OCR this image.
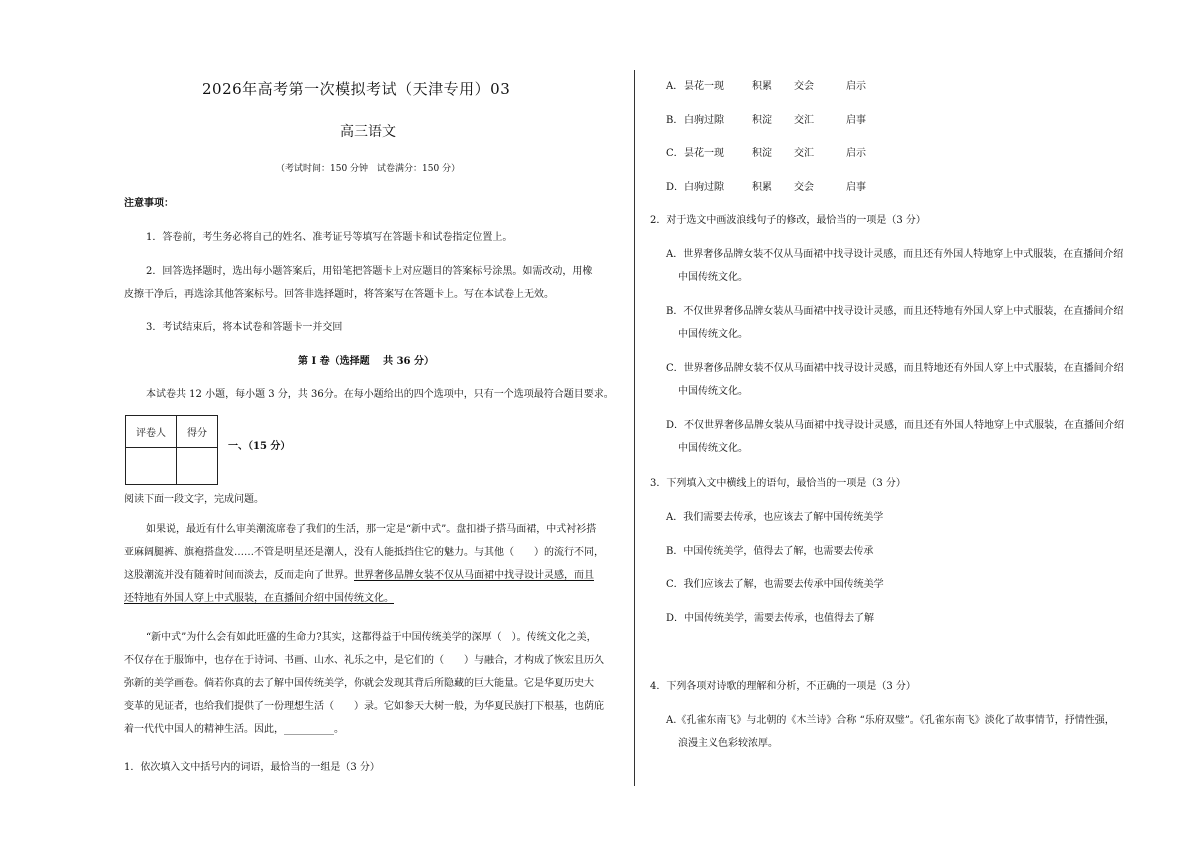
2026年高考第一次模拟考试（天津专用）03
高三语文
（考试时间：150 分钟　试卷满分：150 分）
注意事项：
1．答卷前，考生务必将自己的姓名、准考证号等填写在答题卡和试卷指定位置上。
2．回答选择题时，选出每小题答案后，用铅笔把答题卡上对应题目的答案标号涂黑。如需改动，用橡
皮擦干净后，再选涂其他答案标号。回答非选择题时，将答案写在答题卡上。写在本试卷上无效。
3．考试结束后，将本试卷和答题卡一并交回
第 I 卷（选择题　 共 36 分）
本试卷共 12 小题，每小题 3 分，共 36分。在每小题给出的四个选项中，只有一个选项最符合题目要求。
评卷人	得分

一、（15 分）
阅读下面一段文字，完成问题。
如果说，最近有什么审美潮流席卷了我们的生活，那一定是“新中式”。盘扣褂子搭马面裙，中式衬衫搭
亚麻阔腿裤、旗袍搭盘发……不管是明星还是潮人，没有人能抵挡住它的魅力。与其他（　　）的流行不同，
这股潮流并没有随着时间而淡去，反而走向了世界。世界奢侈品牌女装不仅从马面裙中找寻设计灵感，而且
还特地有外国人穿上中式服装，在直播间介绍中国传统文化。
“新中式”为什么会有如此旺盛的生命力?其实，这都得益于中国传统美学的深厚（　）。传统文化之美，
不仅存在于服饰中，也存在于诗词、书画、山水、礼乐之中，是它们的（　　）与融合，才构成了恢宏且历久
弥新的美学画卷。倘若你真的去了解中国传统美学，你就会发现其背后所隐藏的巨大能量。它是华夏历史大
变革的见证者，也给我们提供了一份理想生活（　　）录。它如参天大树一般，为华夏民族打下根基，也荫庇
着一代代中国人的精神生活。因此，__________。
1．依次填入文中括号内的词语，最恰当的一组是（3 分）
A．昙花一现	积累 交会	启示
B．白驹过隙	积淀 交汇	启事
C．昙花一现	积淀 交汇	启示
D．白驹过隙	积累 交会	启事
2．对于选文中画波浪线句子的修改，最恰当的一项是（3 分）
A．世界奢侈品牌女装不仅从马面裙中找寻设计灵感，而且还有外国人特地穿上中式服装，在直播间介绍
中国传统文化。
B．不仅世界奢侈品牌女装从马面裙中找寻设计灵感，而且还特地有外国人穿上中式服装，在直播间介绍
中国传统文化。
C．世界奢侈品牌女装不仅从马面裙中找寻设计灵感，而且特地还有外国人穿上中式服装，在直播间介绍
中国传统文化。
D．不仅世界奢侈品牌女装从马面裙中找寻设计灵感，而且还有外国人特地穿上中式服装，在直播间介绍
中国传统文化。
3．下列填入文中横线上的语句，最恰当的一项是（3 分）
A．我们需要去传承，也应该去了解中国传统美学
B．中国传统美学，值得去了解，也需要去传承
C．我们应该去了解，也需要去传承中国传统美学
D．中国传统美学，需要去传承，也值得去了解
4．下列各项对诗歌的理解和分析，不正确的一项是（3 分）
A.《孔雀东南飞》与北朝的《木兰诗》合称 “乐府双璧”。《孔雀东南飞》淡化了故事情节，抒情性强，
浪漫主义色彩较浓厚。
